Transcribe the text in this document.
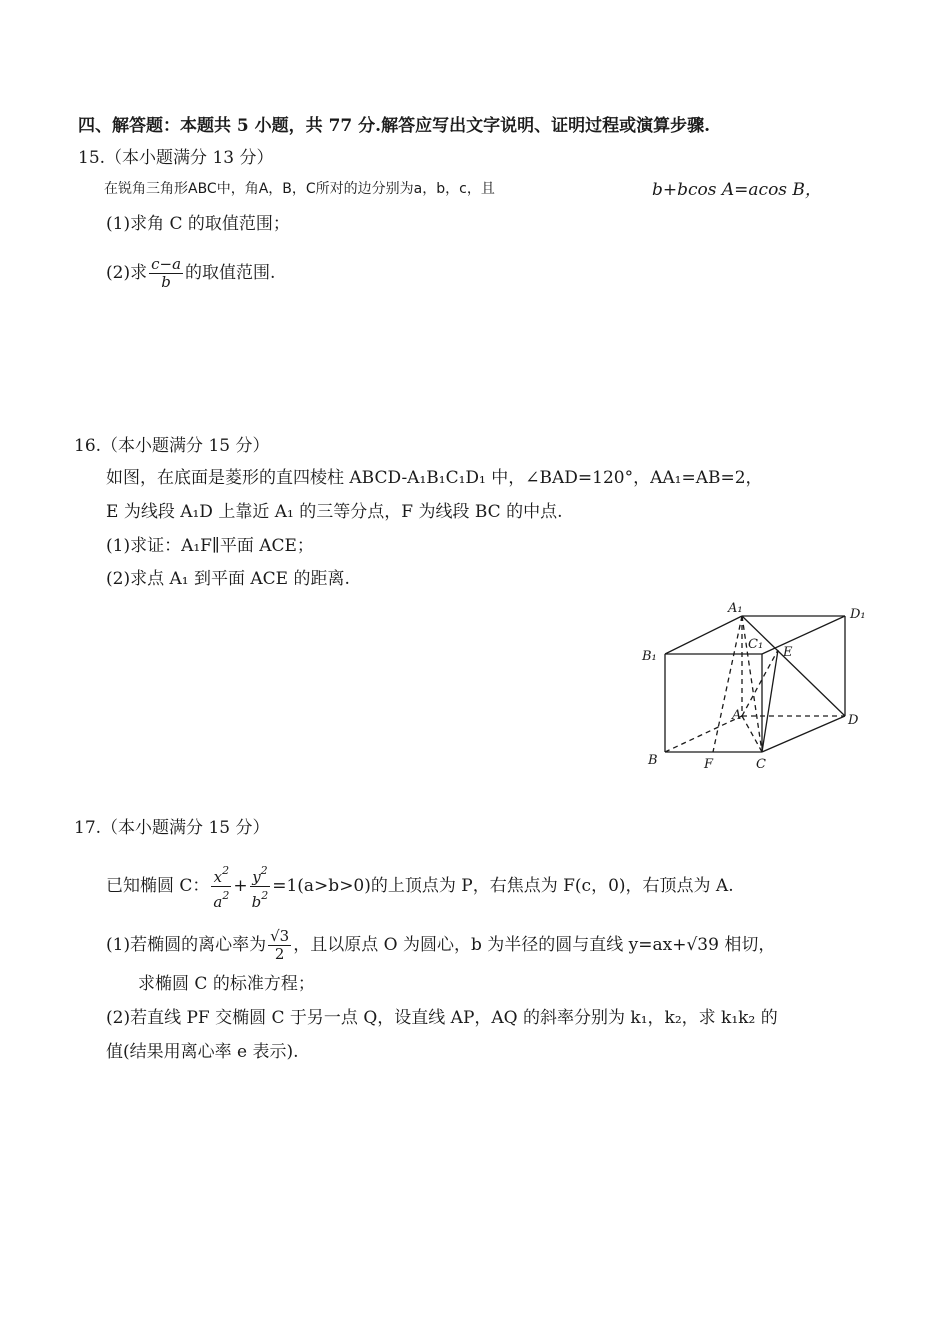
四、解答题：本题共 5 小题，共 77 分.解答应写出文字说明、证明过程或演算步骤.
15.（本小题满分 13 分）
在锐角三角形ABC中，角A，B，C所对的边分别为a，b，c，且	b+bcos A=acos B，
(1)求角 C 的取值范围；
(2)求 $\frac{c-a}{b}$ 的取值范围.
16.（本小题满分 15 分）
如图，在底面是菱形的直四棱柱 ABCD-A₁B₁C₁D₁ 中，∠BAD=120°，AA₁=AB=2，
E 为线段 A₁D 上靠近 A₁ 的三等分点，F 为线段 BC 的中点.
(1)求证：A₁F∥平面 ACE；
(2)求点 A₁ 到平面 ACE 的距离.
A₁	D₁
B₁
C₁
E
A	D
B	F	C
17.（本小题满分 15 分）
已知椭圆 C： $\frac{x^2}{a^2} + \frac{y^2}{b^2} =1(a>b>0)$的上顶点为 P，右焦点为 F(c，0)，右顶点为 A.
(1)若椭圆的离心率为 $\frac{√3}{2}$ ，且以原点 O 为圆心，b 为半径的圆与直线 y=ax+√39 相切，
求椭圆 C 的标准方程；
(2)若直线 PF 交椭圆 C 于另一点 Q，设直线 AP，AQ 的斜率分别为 k₁，k₂，求 k₁k₂ 的
值(结果用离心率 e 表示).
